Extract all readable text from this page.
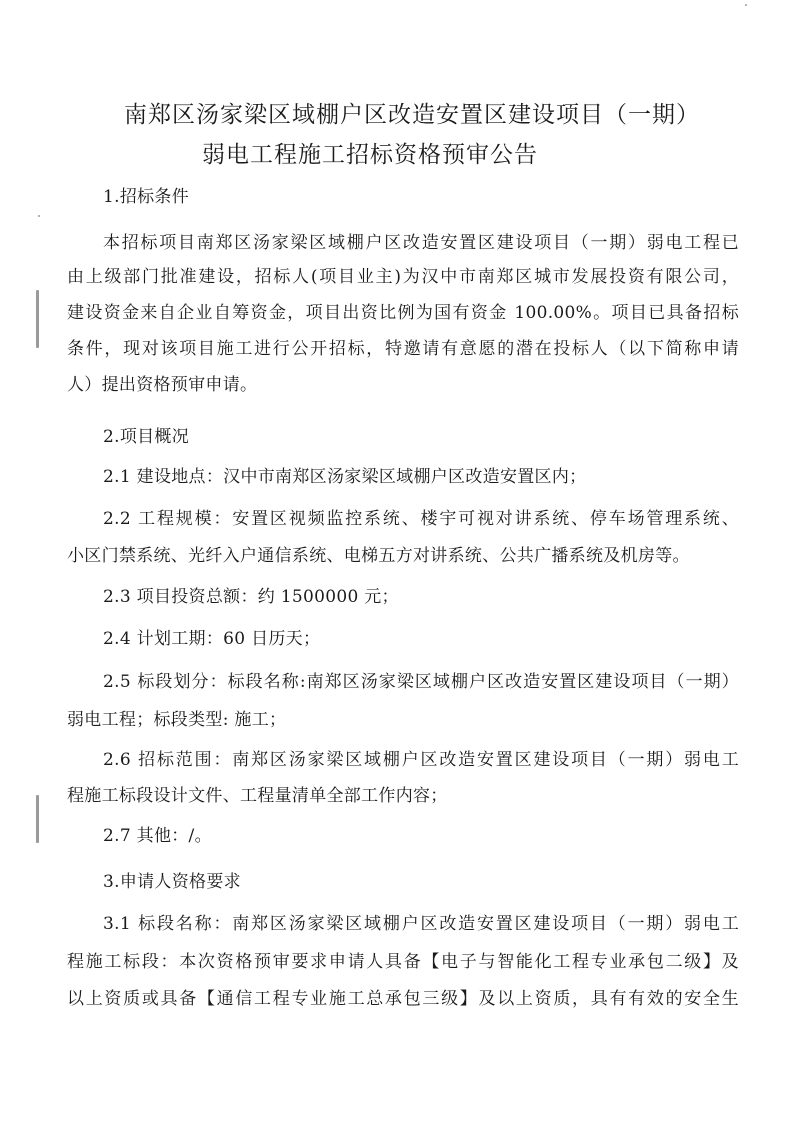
南郑区汤家梁区域棚户区改造安置区建设项目（一期）
弱电工程施工招标资格预审公告
1.招标条件
本招标项目南郑区汤家梁区域棚户区改造安置区建设项目（一期）弱电工程已
由上级部门批准建设，招标人(项目业主)为汉中市南郑区城市发展投资有限公司，
建设资金来自企业自筹资金，项目出资比例为国有资金 100.00%。项目已具备招标
条件，现对该项目施工进行公开招标，特邀请有意愿的潜在投标人（以下简称申请
人）提出资格预审申请。
2.项目概况
2.1 建设地点：汉中市南郑区汤家梁区域棚户区改造安置区内；
2.2 工程规模：安置区视频监控系统、楼宇可视对讲系统、停车场管理系统、
小区门禁系统、光纤入户通信系统、电梯五方对讲系统、公共广播系统及机房等。
2.3 项目投资总额：约 1500000 元；
2.4 计划工期：60 日历天；
2.5 标段划分：标段名称:南郑区汤家梁区域棚户区改造安置区建设项目（一期）
弱电工程；标段类型: 施工；
2.6 招标范围：南郑区汤家梁区域棚户区改造安置区建设项目（一期）弱电工
程施工标段设计文件、工程量清单全部工作内容；
2.7 其他：/。
3.申请人资格要求
3.1 标段名称：南郑区汤家梁区域棚户区改造安置区建设项目（一期）弱电工
程施工标段：本次资格预审要求申请人具备【电子与智能化工程专业承包二级】及
以上资质或具备【通信工程专业施工总承包三级】及以上资质，具有有效的安全生
